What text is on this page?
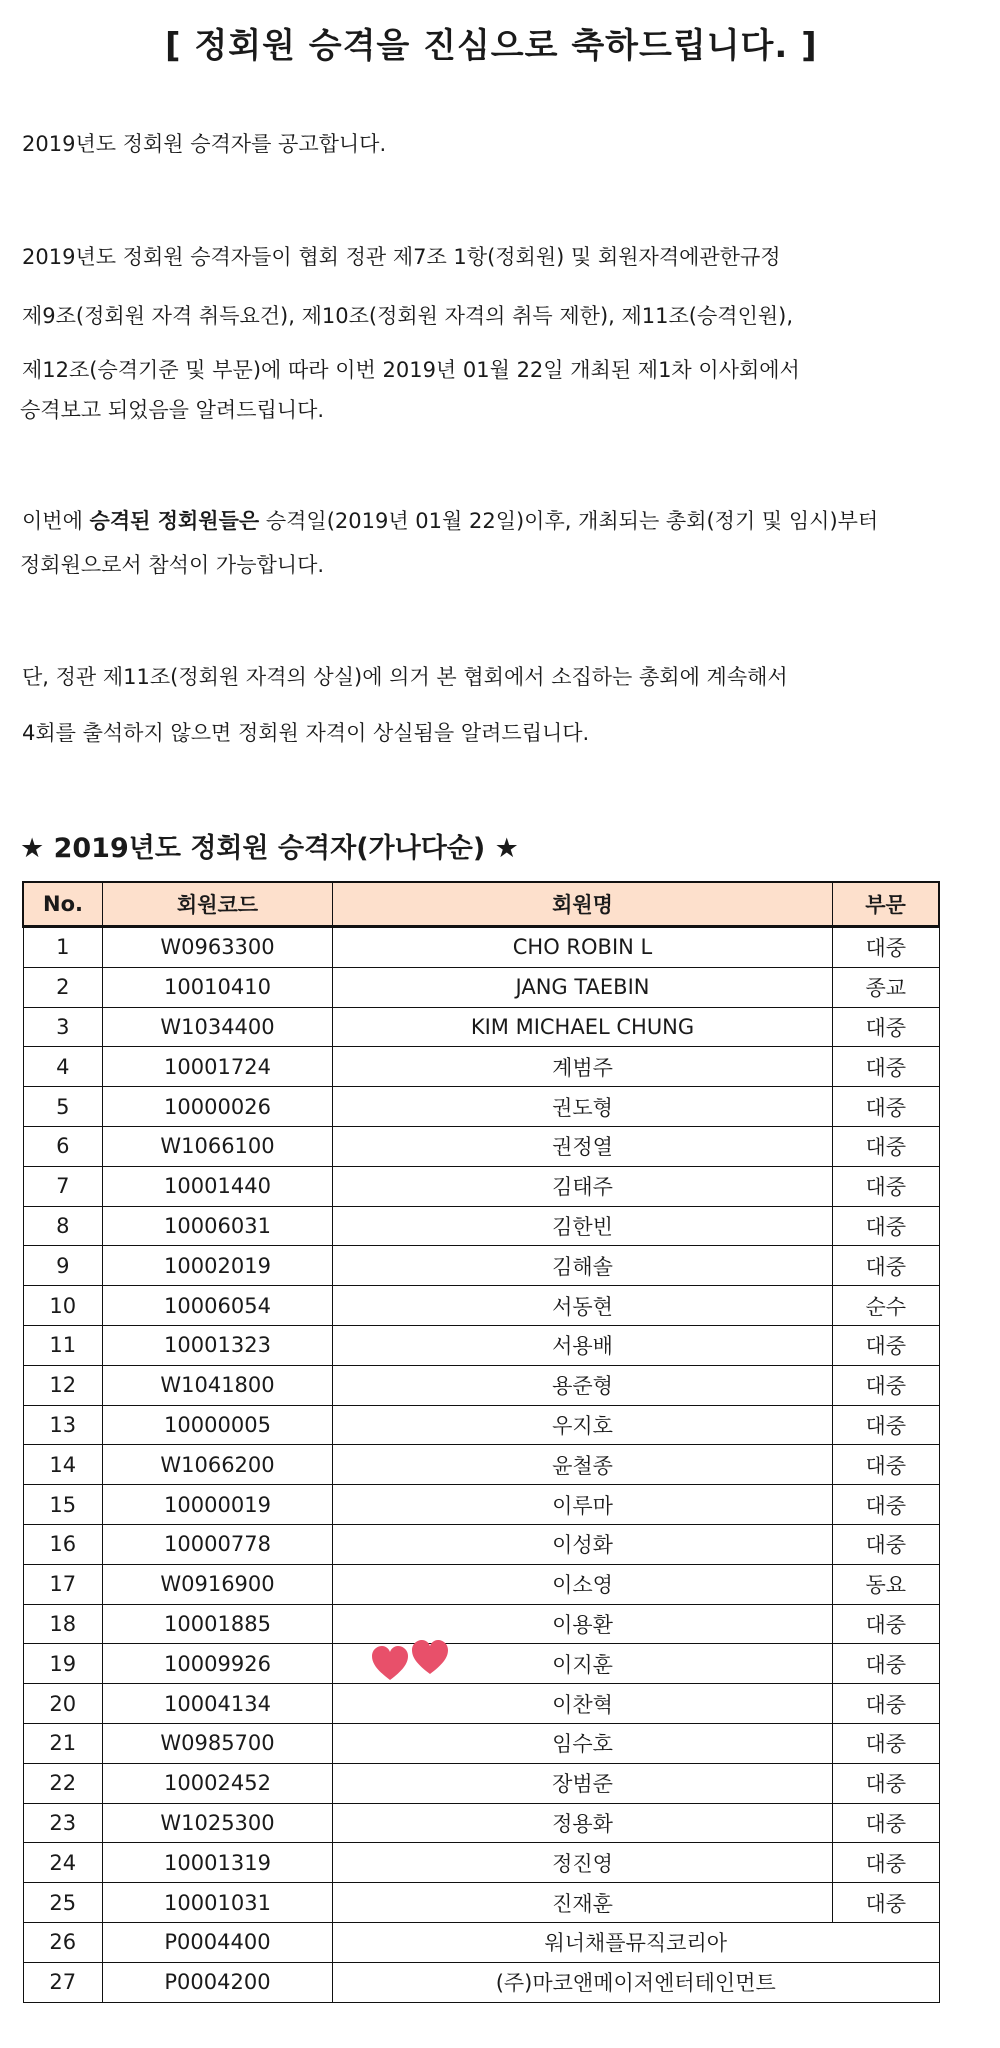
[ 정회원 승격을 진심으로 축하드립니다. ]
2019년도 정회원 승격자를 공고합니다.
2019년도 정회원 승격자들이 협회 정관 제7조 1항(정회원) 및 회원자격에관한규정
제9조(정회원 자격 취득요건), 제10조(정회원 자격의 취득 제한), 제11조(승격인원),
제12조(승격기준 및 부문)에 따라 이번 2019년 01월 22일 개최된 제1차 이사회에서
승격보고 되었음을 알려드립니다.
이번에 승격된 정회원들은 승격일(2019년 01월 22일)이후, 개최되는 총회(정기 및 임시)부터
정회원으로서 참석이 가능합니다.
단, 정관 제11조(정회원 자격의 상실)에 의거 본 협회에서 소집하는 총회에 계속해서
4회를 출석하지 않으면 정회원 자격이 상실됨을 알려드립니다.
★ 2019년도 정회원 승격자(가나다순) ★
No.	회원코드	회원명	부문
1	W0963300	CHO ROBIN L	대중
2	10010410	JANG TAEBIN	종교
3	W1034400	KIM MICHAEL CHUNG	대중
4	10001724	계범주	대중
5	10000026	권도형	대중
6	W1066100	권정열	대중
7	10001440	김태주	대중
8	10006031	김한빈	대중
9	10002019	김해솔	대중
10	10006054	서동현	순수
11	10001323	서용배	대중
12	W1041800	용준형	대중
13	10000005	우지호	대중
14	W1066200	윤철종	대중
15	10000019	이루마	대중
16	10000778	이성화	대중
17	W0916900	이소영	동요
18	10001885	이용환	대중
19	10009926	이지훈	대중
20	10004134	이찬혁	대중
21	W0985700	임수호	대중
22	10002452	장범준	대중
23	W1025300	정용화	대중
24	10001319	정진영	대중
25	10001031	진재훈	대중
26	P0004400	워너채플뮤직코리아	
27	P0004200	(주)마코앤메이저엔터테인먼트	
